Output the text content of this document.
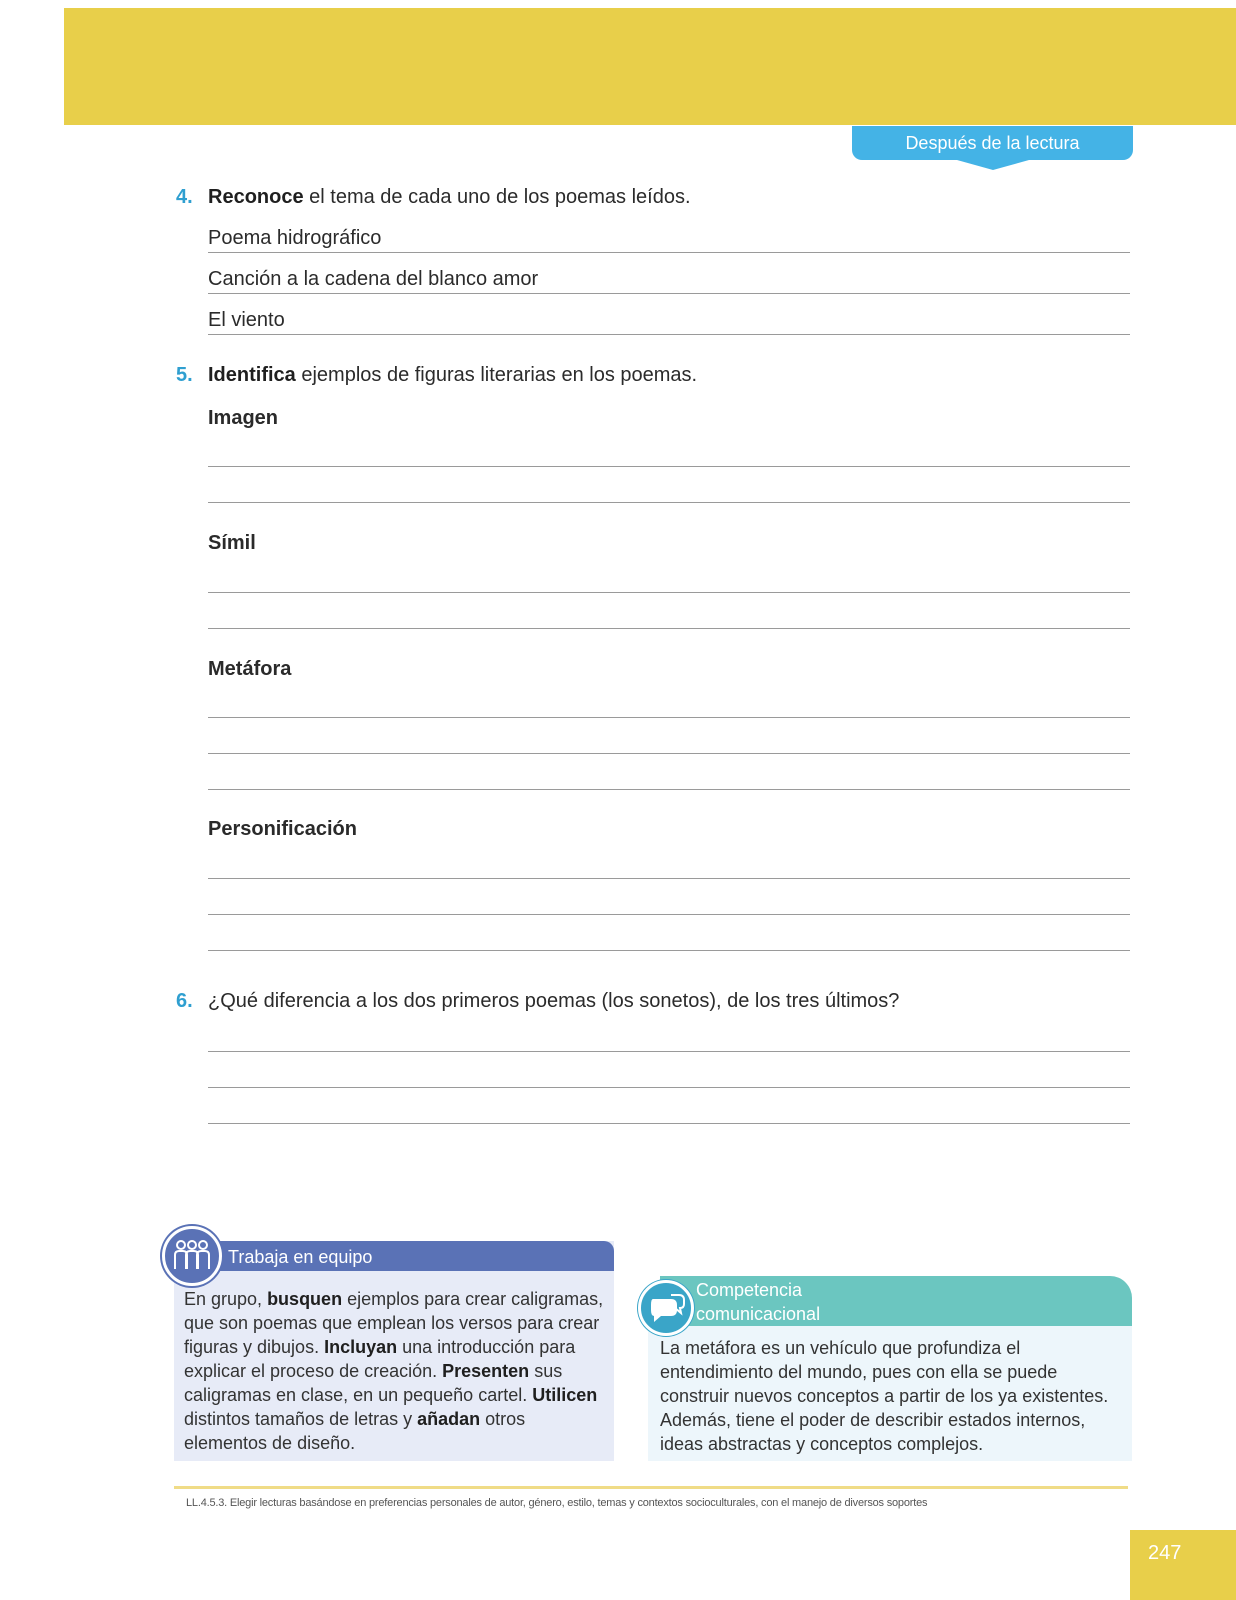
Después de la lectura
4. Reconoce el tema de cada uno de los poemas leídos.
Poema hidrográfico
Canción a la cadena del blanco amor
El viento
5. Identifica ejemplos de figuras literarias en los poemas.
Imagen
Símil
Metáfora
Personificación
6. ¿Qué diferencia a los dos primeros poemas (los sonetos), de los tres últimos?
Trabaja en equipo
En grupo, busquen ejemplos para crear caligramas, que son poemas que emplean los versos para crear figuras y dibujos. Incluyan una introducción para explicar el proceso de creación. Presenten sus caligramas en clase, en un pequeño cartel. Utilicen distintos tamaños de letras y añadan otros elementos de diseño.
Competencia comunicacional
La metáfora es un vehículo que profundiza el entendimiento del mundo, pues con ella se puede construir nuevos conceptos a partir de los ya existentes. Además, tiene el poder de describir estados internos, ideas abstractas y conceptos complejos.
LL.4.5.3. Elegir lecturas basándose en preferencias personales de autor, género, estilo, temas y contextos socioculturales, con el manejo de diversos soportes
247
